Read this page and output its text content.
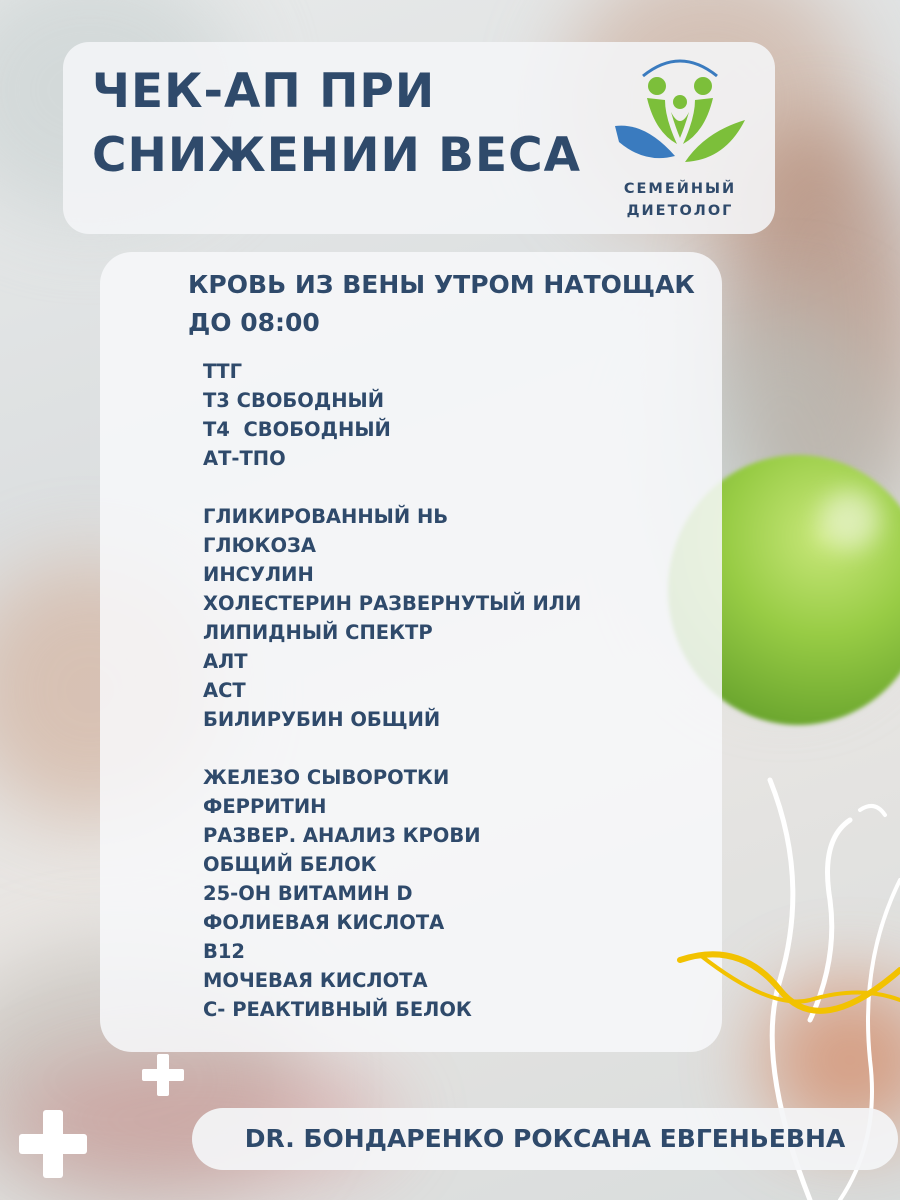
ЧЕК-АП ПРИ
СНИЖЕНИИ ВЕСА
СЕМЕЙНЫЙ
ДИЕТОЛОГ
КРОВЬ ИЗ ВЕНЫ УТРОМ НАТОЩАК
ДО 08:00
ТТГ
Т3 СВОБОДНЫЙ
Т4  СВОБОДНЫЙ
АТ-ТПО
ГЛИКИРОВАННЫЙ НЬ
ГЛЮКОЗА
ИНСУЛИН
ХОЛЕСТЕРИН РАЗВЕРНУТЫЙ ИЛИ
ЛИПИДНЫЙ СПЕКТР
АЛТ
АСТ
БИЛИРУБИН ОБЩИЙ
ЖЕЛЕЗО СЫВОРОТКИ
ФЕРРИТИН
РАЗВЕР. АНАЛИЗ КРОВИ
ОБЩИЙ БЕЛОК
25-ОН ВИТАМИН D
ФОЛИЕВАЯ КИСЛОТА
В12
МОЧЕВАЯ КИСЛОТА
С- РЕАКТИВНЫЙ БЕЛОК
DR. БОНДАРЕНКО РОКСАНА ЕВГЕНЬЕВНА
